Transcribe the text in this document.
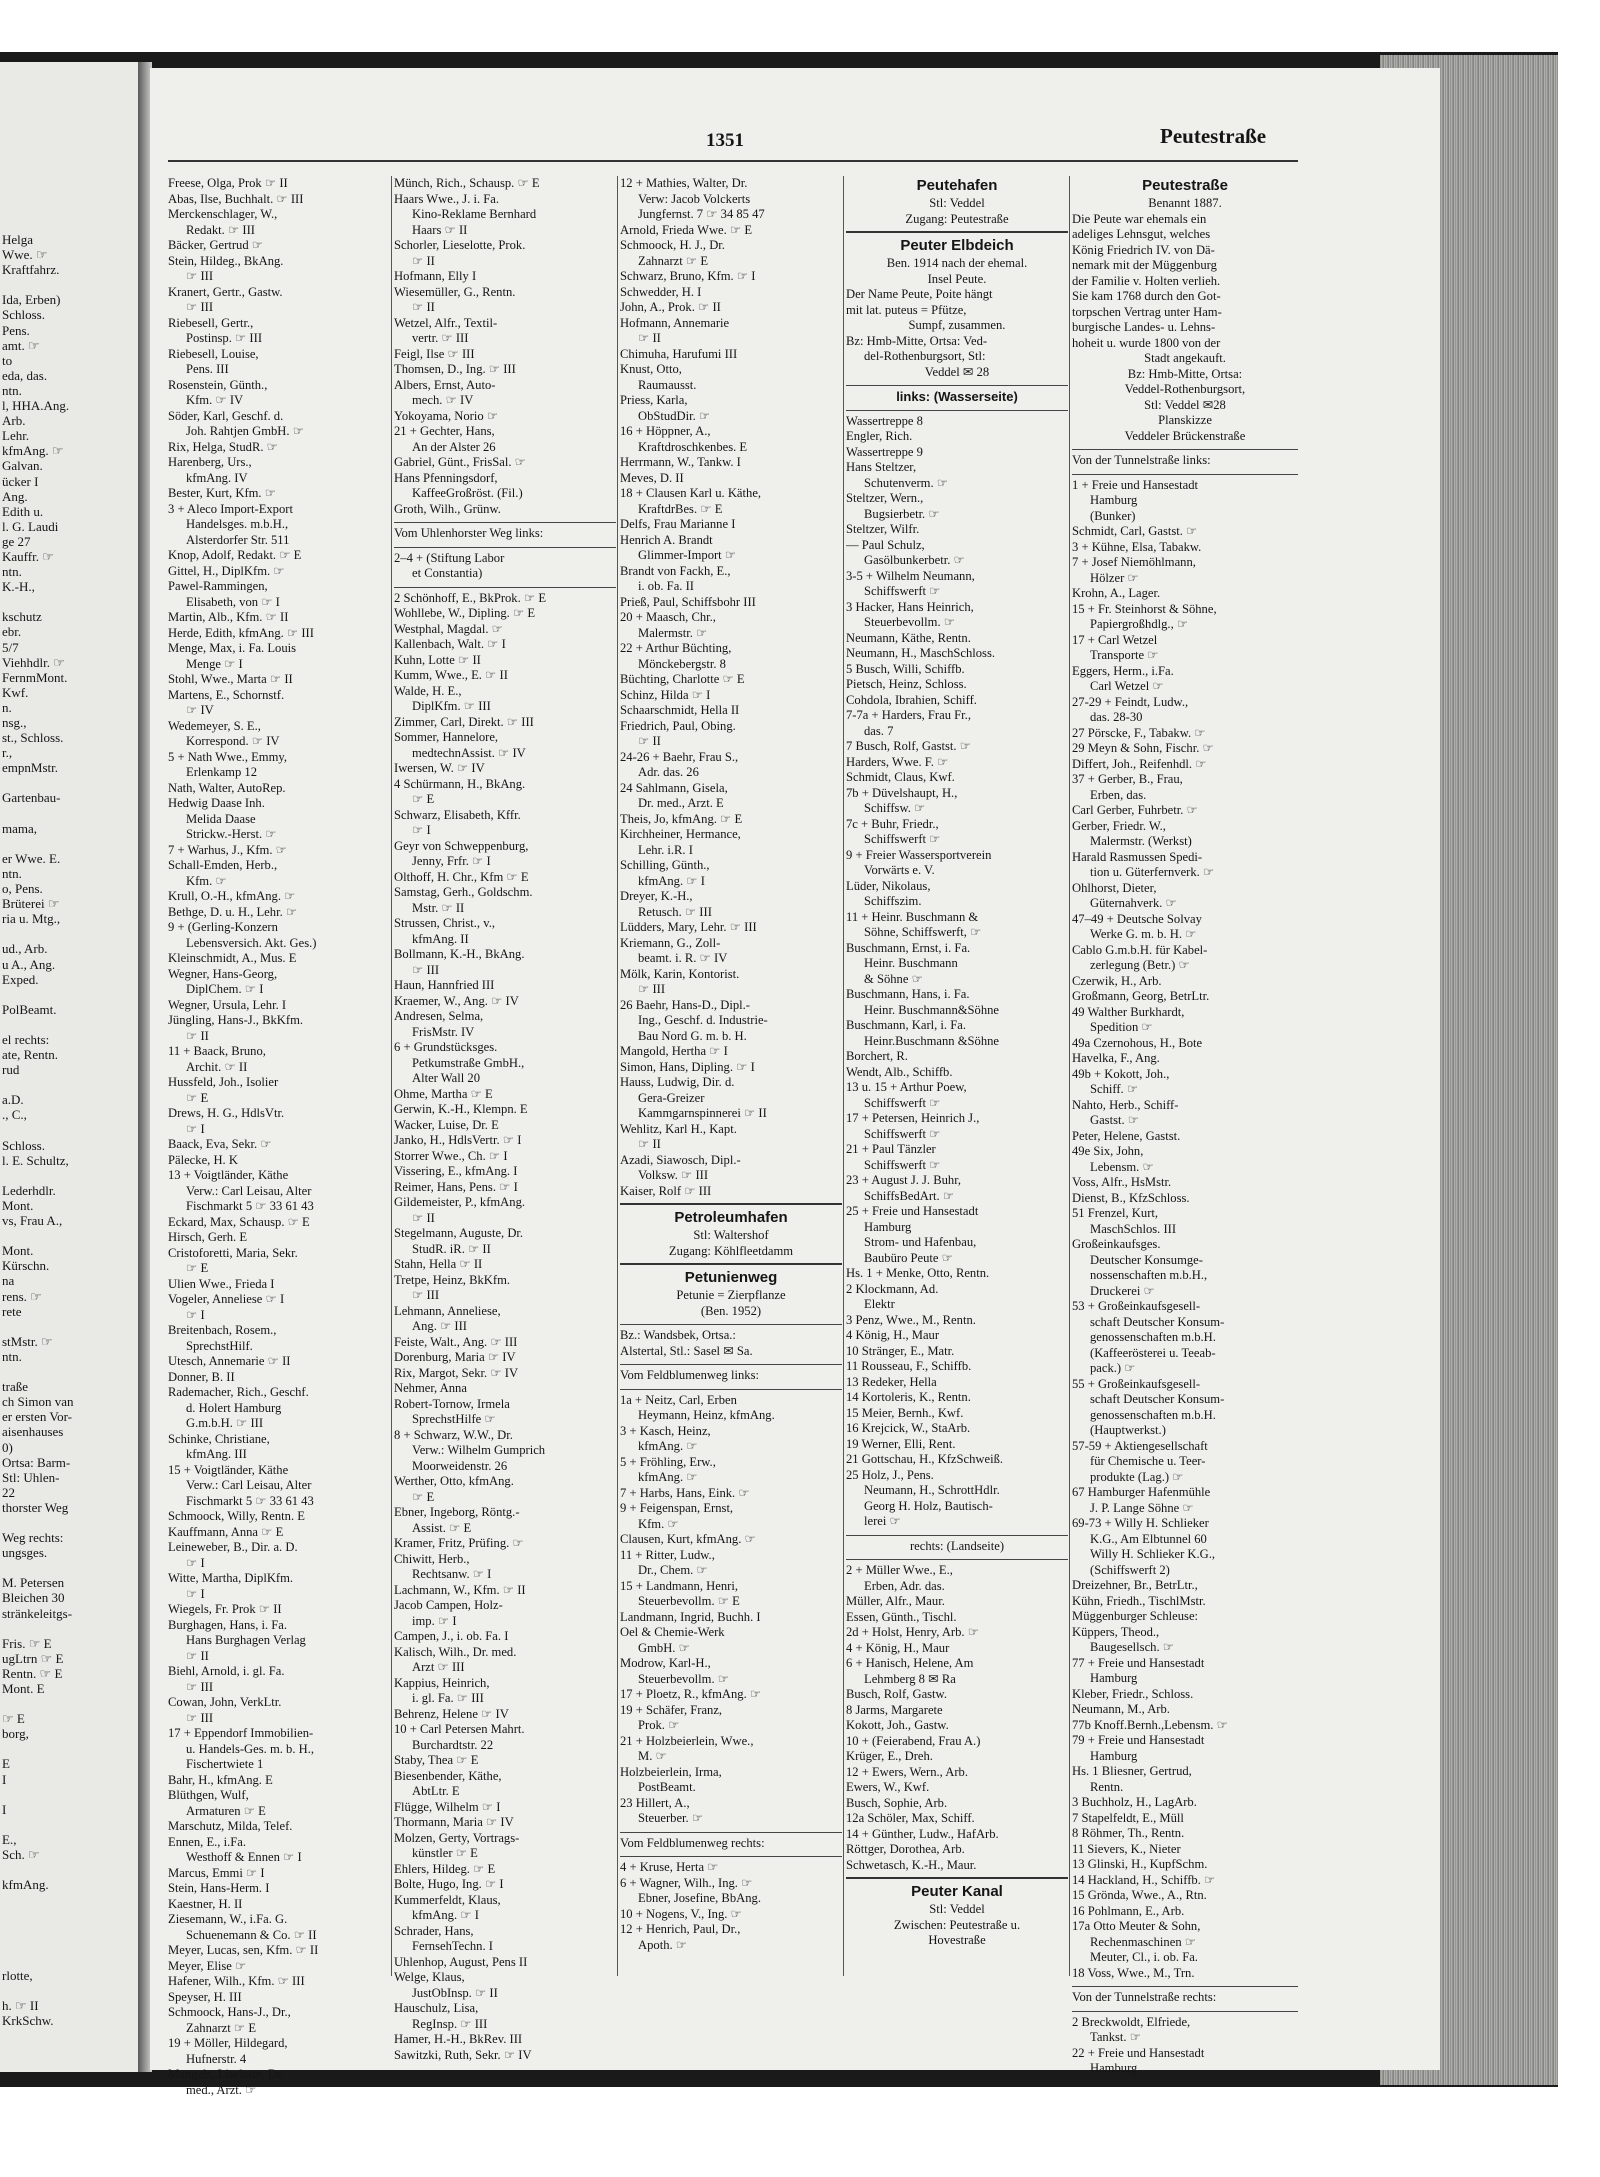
Helga
Wwe. ☞
Kraftfahrz.

Ida, Erben)
Schloss.
Pens.
amt. ☞
to
eda, das.
ntn.
l, HHA.Ang.
Arb.
Lehr.
kfmAng. ☞
Galvan.
ücker I
Ang.
Edith u.
l. G. Laudi
ge 27
Kauffr. ☞
ntn.
K.-H.,

kschutz
ebr.
5/7
Viehhdlr. ☞
FernmMont.
Kwf.
n.
nsg.,
st., Schloss.
r.,
empnMstr.

Gartenbau-

mama,

er Wwe. E.
ntn.
o, Pens.
Brüterei ☞
ria u. Mtg.,

ud., Arb.
u A., Ang.
Exped.

PolBeamt.

el rechts:
ate, Rentn.
rud

a.D.
., C.,

Schloss.
l. E. Schultz,

Lederhdlr.
Mont.
vs, Frau A.,

Mont.
Kürschn.
na
rens. ☞
rete

stMstr. ☞
ntn.

traße
ch Simon van
er ersten Vor-
aisenhauses
0)
Ortsa: Barm-
Stl: Uhlen-
22
thorster Weg

Weg rechts:
ungsges.

M. Petersen
Bleichen 30
stränkeleitgs-

Fris. ☞ E
ugLtrn ☞ E
Rentn. ☞ E
Mont. E

☞ E
borg,

E
I

I

E.,
Sch. ☞

kfmAng.

rlotte,

h. ☞ II
KrkSchw.
1351	Peutestraße
Freese, Olga, Prok ☞ II
Abas, Ilse, Buchhalt. ☞ III
Merckenschlager, W.,
Redakt. ☞ III
Bäcker, Gertrud ☞
Stein, Hildeg., BkAng.
☞ III
Kranert, Gertr., Gastw.
☞ III
Riebesell, Gertr.,
Postinsp. ☞ III
Riebesell, Louise,
Pens. III
Rosenstein, Günth.,
Kfm. ☞ IV
Söder, Karl, Geschf. d.
Joh. Rahtjen GmbH. ☞
Rix, Helga, StudR. ☞
Harenberg, Urs.,
kfmAng. IV
Bester, Kurt, Kfm. ☞
3 + Aleco Import-Export
Handelsges. m.b.H.,
Alsterdorfer Str. 511
Knop, Adolf, Redakt. ☞ E
Gittel, H., DiplKfm. ☞
Pawel-Rammingen,
Elisabeth, von ☞ I
Martin, Alb., Kfm. ☞ II
Herde, Edith, kfmAng. ☞ III
Menge, Max, i. Fa. Louis
Menge ☞ I
Stohl, Wwe., Marta ☞ II
Martens, E., Schornstf.
☞ IV
Wedemeyer, S. E.,
Korrespond. ☞ IV
5 + Nath Wwe., Emmy,
Erlenkamp 12
Nath, Walter, AutoRep.
Hedwig Daase Inh.
Melida Daase
Strickw.-Herst. ☞
7 + Warhus, J., Kfm. ☞
Schall-Emden, Herb.,
Kfm. ☞
Krull, O.-H., kfmAng. ☞
Bethge, D. u. H., Lehr. ☞
9 + (Gerling-Konzern
Lebensversich. Akt. Ges.)
Kleinschmidt, A., Mus. E
Wegner, Hans-Georg,
DiplChem. ☞ I
Wegner, Ursula, Lehr. I
Jüngling, Hans-J., BkKfm.
☞ II
11 + Baack, Bruno,
Archit. ☞ II
Hussfeld, Joh., Isolier
☞ E
Drews, H. G., HdlsVtr.
☞ I
Baack, Eva, Sekr. ☞
Pälecke, H. K
13 + Voigtländer, Käthe
Verw.: Carl Leisau, Alter
Fischmarkt 5 ☞ 33 61 43
Eckard, Max, Schausp. ☞ E
Hirsch, Gerh. E
Cristoforetti, Maria, Sekr.
☞ E
Ulien Wwe., Frieda I
Vogeler, Anneliese ☞ I
☞ I
Breitenbach, Rosem.,
SprechstHilf.
Utesch, Annemarie ☞ II
Donner, B. II
Rademacher, Rich., Geschf.
d. Holert Hamburg
G.m.b.H. ☞ III
Schinke, Christiane,
kfmAng. III
15 + Voigtländer, Käthe
Verw.: Carl Leisau, Alter
Fischmarkt 5 ☞ 33 61 43
Schmoock, Willy, Rentn. E
Kauffmann, Anna ☞ E
Leineweber, B., Dir. a. D.
☞ I
Witte, Martha, DiplKfm.
☞ I
Wiegels, Fr. Prok ☞ II
Burghagen, Hans, i. Fa.
Hans Burghagen Verlag
☞ II
Biehl, Arnold, i. gl. Fa.
☞ III
Cowan, John, VerkLtr.
☞ III
17 + Eppendorf Immobilien-
u. Handels-Ges. m. b. H.,
Fischertwiete 1
Bahr, H., kfmAng. E
Blüthgen, Wulf,
Armaturen ☞ E
Marschutz, Milda, Telef.
Ennen, E., i.Fa.
Westhoff & Ennen ☞ I
Marcus, Emmi ☞ I
Stein, Hans-Herm. I
Kaestner, H. II
Ziesemann, W., i.Fa. G.
Schuenemann & Co. ☞ II
Meyer, Lucas, sen, Kfm. ☞ II
Meyer, Elise ☞
Hafener, Wilh., Kfm. ☞ III
Speyser, H. III
Schmoock, Hans-J., Dr.,
Zahnarzt ☞ E
19 + Möller, Hildegard,
Hufnerstr. 4
Mangels, Liselotte, Dr.
med., Arzt. ☞
Münch, Rich., Schausp. ☞ E
Haars Wwe., J. i. Fa.
Kino-Reklame Bernhard
Haars ☞ II
Schorler, Lieselotte, Prok.
☞ II
Hofmann, Elly I
Wiesemüller, G., Rentn.
☞ II
Wetzel, Alfr., Textil-
vertr. ☞ III
Feigl, Ilse ☞ III
Thomsen, D., Ing. ☞ III
Albers, Ernst, Auto-
mech. ☞ IV
Yokoyama, Norio ☞
21 + Gechter, Hans,
An der Alster 26
Gabriel, Günt., FrisSal. ☞
Hans Pfenningsdorf,
KaffeeGroßröst. (Fil.)
Groth, Wilh., Grünw.
Vom Uhlenhorster Weg links:
2–4 + (Stiftung Labor
et Constantia)
2 Schönhoff, E., BkProk. ☞ E
Wohllebe, W., Dipling. ☞ E
Westphal, Magdal. ☞
Kallenbach, Walt. ☞ I
Kuhn, Lotte ☞ II
Kumm, Wwe., E. ☞ II
Walde, H. E.,
DiplKfm. ☞ III
Zimmer, Carl, Direkt. ☞ III
Sommer, Hannelore,
medtechnAssist. ☞ IV
Iwersen, W. ☞ IV
4 Schürmann, H., BkAng.
☞ E
Schwarz, Elisabeth, Kffr.
☞ I
Geyr von Schweppenburg,
Jenny, Frfr. ☞ I
Olthoff, H. Chr., Kfm ☞ E
Samstag, Gerh., Goldschm.
Mstr. ☞ II
Strussen, Christ., v.,
kfmAng. II
Bollmann, K.-H., BkAng.
☞ III
Haun, Hannfried III
Kraemer, W., Ang. ☞ IV
Andresen, Selma,
FrisMstr. IV
6 + Grundstücksges.
Petkumstraße GmbH.,
Alter Wall 20
Ohme, Martha ☞ E
Gerwin, K.-H., Klempn. E
Wacker, Luise, Dr. E
Janko, H., HdlsVertr. ☞ I
Storrer Wwe., Ch. ☞ I
Vissering, E., kfmAng. I
Reimer, Hans, Pens. ☞ I
Gildemeister, P., kfmAng.
☞ II
Stegelmann, Auguste, Dr.
StudR. iR. ☞ II
Stahn, Hella ☞ II
Tretpe, Heinz, BkKfm.
☞ III
Lehmann, Anneliese,
Ang. ☞ III
Feiste, Walt., Ang. ☞ III
Dorenburg, Maria ☞ IV
Rix, Margot, Sekr. ☞ IV
Nehmer, Anna
Robert-Tornow, Irmela
SprechstHilfe ☞
8 + Schwarz, W.W., Dr.
Verw.: Wilhelm Gumprich
Moorweidenstr. 26
Werther, Otto, kfmAng.
☞ E
Ebner, Ingeborg, Röntg.-
Assist. ☞ E
Kramer, Fritz, Prüfing. ☞
Chiwitt, Herb.,
Rechtsanw. ☞ I
Lachmann, W., Kfm. ☞ II
Jacob Campen, Holz-
imp. ☞ I
Campen, J., i. ob. Fa. I
Kalisch, Wilh., Dr. med.
Arzt ☞ III
Kappius, Heinrich,
i. gl. Fa. ☞ III
Behrenz, Helene ☞ IV
10 + Carl Petersen Mahrt.
Burchardtstr. 22
Staby, Thea ☞ E
Biesenbender, Käthe,
AbtLtr. E
Flügge, Wilhelm ☞ I
Thormann, Maria ☞ IV
Molzen, Gerty, Vortrags-
künstler ☞ E
Ehlers, Hildeg. ☞ E
Bolte, Hugo, Ing. ☞ I
Kummerfeldt, Klaus,
kfmAng. ☞ I
Schrader, Hans,
FernsehTechn. I
Uhlenhop, August, Pens II
Welge, Klaus,
JustObInsp. ☞ II
Hauschulz, Lisa,
RegInsp. ☞ III
Hamer, H.-H., BkRev. III
Sawitzki, Ruth, Sekr. ☞ IV
12 + Mathies, Walter, Dr.
Verw: Jacob Volckerts
Jungfernst. 7 ☞ 34 85 47
Arnold, Frieda Wwe. ☞ E
Schmoock, H. J., Dr.
Zahnarzt ☞ E
Schwarz, Bruno, Kfm. ☞ I
Schwedder, H. I
John, A., Prok. ☞ II
Hofmann, Annemarie
☞ II
Chimuha, Harufumi III
Knust, Otto,
Raumausst.
Priess, Karla,
ObStudDir. ☞
16 + Höppner, A.,
Kraftdroschkenbes. E
Herrmann, W., Tankw. I
Meves, D. II
18 + Clausen Karl u. Käthe,
KraftdrBes. ☞ E
Delfs, Frau Marianne I
Henrich A. Brandt
Glimmer-Import ☞
Brandt von Fackh, E.,
i. ob. Fa. II
Prieß, Paul, Schiffsbohr III
20 + Maasch, Chr.,
Malermstr. ☞
22 + Arthur Büchting,
Mönckebergstr. 8
Büchting, Charlotte ☞ E
Schinz, Hilda ☞ I
Schaarschmidt, Hella II
Friedrich, Paul, Obing.
☞ II
24-26 + Baehr, Frau S.,
Adr. das. 26
24 Sahlmann, Gisela,
Dr. med., Arzt. E
Theis, Jo, kfmAng. ☞ E
Kirchheiner, Hermance,
Lehr. i.R. I
Schilling, Günth.,
kfmAng. ☞ I
Dreyer, K.-H.,
Retusch. ☞ III
Lüdders, Mary, Lehr. ☞ III
Kriemann, G., Zoll-
beamt. i. R. ☞ IV
Mölk, Karin, Kontorist.
☞ III
26 Baehr, Hans-D., Dipl.-
Ing., Geschf. d. Industrie-
Bau Nord G. m. b. H.
Mangold, Hertha ☞ I
Simon, Hans, Dipling. ☞ I
Hauss, Ludwig, Dir. d.
Gera-Greizer
Kammgarnspinnerei ☞ II
Wehlitz, Karl H., Kapt.
☞ II
Azadi, Siawosch, Dipl.-
Volksw. ☞ III
Kaiser, Rolf ☞ III
Petroleumhafen
Stl: Waltershof
Zugang: Köhlfleetdamm
Petunienweg
Petunie = Zierpflanze
(Ben. 1952)
Bz.: Wandsbek, Ortsa.:
Alstertal, Stl.: Sasel ✉ Sa.
Vom Feldblumenweg links:
1a + Neitz, Carl, Erben
Heymann, Heinz, kfmAng.
3 + Kasch, Heinz,
kfmAng. ☞
5 + Fröhling, Erw.,
kfmAng. ☞
7 + Harbs, Hans, Eink. ☞
9 + Feigenspan, Ernst,
Kfm. ☞
Clausen, Kurt, kfmAng. ☞
11 + Ritter, Ludw.,
Dr., Chem. ☞
15 + Landmann, Henri,
Steuerbevollm. ☞ E
Landmann, Ingrid, Buchh. I
Oel & Chemie-Werk
GmbH. ☞
Modrow, Karl-H.,
Steuerbevollm. ☞
17 + Ploetz, R., kfmAng. ☞
19 + Schäfer, Franz,
Prok. ☞
21 + Holzbeierlein, Wwe.,
M. ☞
Holzbeierlein, Irma,
PostBeamt.
23 Hillert, A.,
Steuerber. ☞
Vom Feldblumenweg rechts:
4 + Kruse, Herta ☞
6 + Wagner, Wilh., Ing. ☞
Ebner, Josefine, BbAng.
10 + Nogens, V., Ing. ☞
12 + Henrich, Paul, Dr.,
Apoth. ☞
Peutehafen
Stl: Veddel
Zugang: Peutestraße
Peuter Elbdeich
Ben. 1914 nach der ehemal.
Insel Peute.
Der Name Peute, Poite hängt
mit lat. puteus = Pfütze,
Sumpf, zusammen.
Bz: Hmb-Mitte, Ortsa: Ved-
del-Rothenburgsort, Stl:
Veddel ✉ 28
links: (Wasserseite)
Wassertreppe 8
Engler, Rich.
Wassertreppe 9
Hans Steltzer,
Schutenverm. ☞
Steltzer, Wern.,
Bugsierbetr. ☞
Steltzer, Wilfr.
— Paul Schulz,
Gasölbunkerbetr. ☞
3-5 + Wilhelm Neumann,
Schiffswerft ☞
3 Hacker, Hans Heinrich,
Steuerbevollm. ☞
Neumann, Käthe, Rentn.
Neumann, H., MaschSchloss.
5 Busch, Willi, Schiffb.
Pietsch, Heinz, Schloss.
Cohdola, Ibrahien, Schiff.
7-7a + Harders, Frau Fr.,
das. 7
7 Busch, Rolf, Gastst. ☞
Harders, Wwe. F. ☞
Schmidt, Claus, Kwf.
7b + Düvelshaupt, H.,
Schiffsw. ☞
7c + Buhr, Friedr.,
Schiffswerft ☞
9 + Freier Wassersportverein
Vorwärts e. V.
Lüder, Nikolaus,
Schiffszim.
11 + Heinr. Buschmann &
Söhne, Schiffswerft, ☞
Buschmann, Ernst, i. Fa.
Heinr. Buschmann
& Söhne ☞
Buschmann, Hans, i. Fa.
Heinr. Buschmann&Söhne
Buschmann, Karl, i. Fa.
Heinr.Buschmann &Söhne
Borchert, R.
Wendt, Alb., Schiffb.
13 u. 15 + Arthur Poew,
Schiffswerft ☞
17 + Petersen, Heinrich J.,
Schiffswerft ☞
21 + Paul Tänzler
Schiffswerft ☞
23 + August J. J. Buhr,
SchiffsBedArt. ☞
25 + Freie und Hansestadt
Hamburg
Strom- und Hafenbau,
Baubüro Peute ☞
Hs. 1 + Menke, Otto, Rentn.
2 Klockmann, Ad.
Elektr
3 Penz, Wwe., M., Rentn.
4 König, H., Maur
10 Stränger, E., Matr.
11 Rousseau, F., Schiffb.
13 Redeker, Hella
14 Kortoleris, K., Rentn.
15 Meier, Bernh., Kwf.
16 Krejcick, W., StaArb.
19 Werner, Elli, Rent.
21 Gottschau, H., KfzSchweiß.
25 Holz, J., Pens.
Neumann, H., SchrottHdlr.
Georg H. Holz, Bautisch-
lerei ☞
rechts: (Landseite)
2 + Müller Wwe., E.,
Erben, Adr. das.
Müller, Alfr., Maur.
Essen, Günth., Tischl.
2d + Holst, Henry, Arb. ☞
4 + König, H., Maur
6 + Hanisch, Helene, Am
Lehmberg 8 ✉ Ra
Busch, Rolf, Gastw.
8 Jarms, Margarete
Kokott, Joh., Gastw.
10 + (Feierabend, Frau A.)
Krüger, E., Dreh.
12 + Ewers, Wern., Arb.
Ewers, W., Kwf.
Busch, Sophie, Arb.
12a Schöler, Max, Schiff.
14 + Günther, Ludw., HafArb.
Röttger, Dorothea, Arb.
Schwetasch, K.-H., Maur.
Peuter Kanal
Stl: Veddel
Zwischen: Peutestraße u.
Hovestraße
Peutestraße
Benannt 1887.
Die Peute war ehemals ein
adeliges Lehnsgut, welches
König Friedrich IV. von Dä-
nemark mit der Müggenburg
der Familie v. Holten verlieh.
Sie kam 1768 durch den Got-
torpschen Vertrag unter Ham-
burgische Landes- u. Lehns-
hoheit u. wurde 1800 von der
Stadt angekauft.
Bz: Hmb-Mitte, Ortsa:
Veddel-Rothenburgsort,
Stl: Veddel ✉28
Planskizze
Veddeler Brückenstraße
Von der Tunnelstraße links:
1 + Freie und Hansestadt
Hamburg
(Bunker)
Schmidt, Carl, Gastst. ☞
3 + Kühne, Elsa, Tabakw.
7 + Josef Niemöhlmann,
Hölzer ☞
Krohn, A., Lager.
15 + Fr. Steinhorst & Söhne,
Papiergroßhdlg., ☞
17 + Carl Wetzel
Transporte ☞
Eggers, Herm., i.Fa.
Carl Wetzel ☞
27-29 + Feindt, Ludw.,
das. 28-30
27 Pörscke, F., Tabakw. ☞
29 Meyn & Sohn, Fischr. ☞
Differt, Joh., Reifenhdl. ☞
37 + Gerber, B., Frau,
Erben, das.
Carl Gerber, Fuhrbetr. ☞
Gerber, Friedr. W.,
Malermstr. (Werkst)
Harald Rasmussen Spedi-
tion u. Güterfernverk. ☞
Ohlhorst, Dieter,
Güternahverk. ☞
47–49 + Deutsche Solvay
Werke G. m. b. H. ☞
Cablo G.m.b.H. für Kabel-
zerlegung (Betr.) ☞
Czerwik, H., Arb.
Großmann, Georg, BetrLtr.
49 Walther Burkhardt,
Spedition ☞
49a Czernohous, H., Bote
Havelka, F., Ang.
49b + Kokott, Joh.,
Schiff. ☞
Nahto, Herb., Schiff-
Gastst. ☞
Peter, Helene, Gastst.
49e Six, John,
Lebensm. ☞
Voss, Alfr., HsMstr.
Dienst, B., KfzSchloss.
51 Frenzel, Kurt,
MaschSchlos. III
Großeinkaufsges.
Deutscher Konsumge-
nossenschaften m.b.H.,
Druckerei ☞
53 + Großeinkaufsgesell-
schaft Deutscher Konsum-
genossenschaften m.b.H.
(Kaffeerösterei u. Teeab-
pack.) ☞
55 + Großeinkaufsgesell-
schaft Deutscher Konsum-
genossenschaften m.b.H.
(Hauptwerkst.)
57-59 + Aktiengesellschaft
für Chemische u. Teer-
produkte (Lag.) ☞
67 Hamburger Hafenmühle
J. P. Lange Söhne ☞
69-73 + Willy H. Schlieker
K.G., Am Elbtunnel 60
Willy H. Schlieker K.G.,
(Schiffswerft 2)
Dreizehner, Br., BetrLtr.,
Kühn, Friedh., TischlMstr.
Müggenburger Schleuse:
Küppers, Theod.,
Baugesellsch. ☞
77 + Freie und Hansestadt
Hamburg
Kleber, Friedr., Schloss.
Neumann, M., Arb.
77b Knoff.Bernh.,Lebensm. ☞
79 + Freie und Hansestadt
Hamburg
Hs. 1 Bliesner, Gertrud,
Rentn.
3 Buchholz, H., LagArb.
7 Stapelfeldt, E., Müll
8 Röhmer, Th., Rentn.
11 Sievers, K., Nieter
13 Glinski, H., KupfSchm.
14 Hackland, H., Schiffb. ☞
15 Grönda, Wwe., A., Rtn.
16 Pohlmann, E., Arb.
17a Otto Meuter & Sohn,
Rechenmaschinen ☞
Meuter, Cl., i. ob. Fa.
18 Voss, Wwe., M., Trn.
Von der Tunnelstraße rechts:
2 Breckwoldt, Elfriede,
Tankst. ☞
22 + Freie und Hansestadt
Hamburg
